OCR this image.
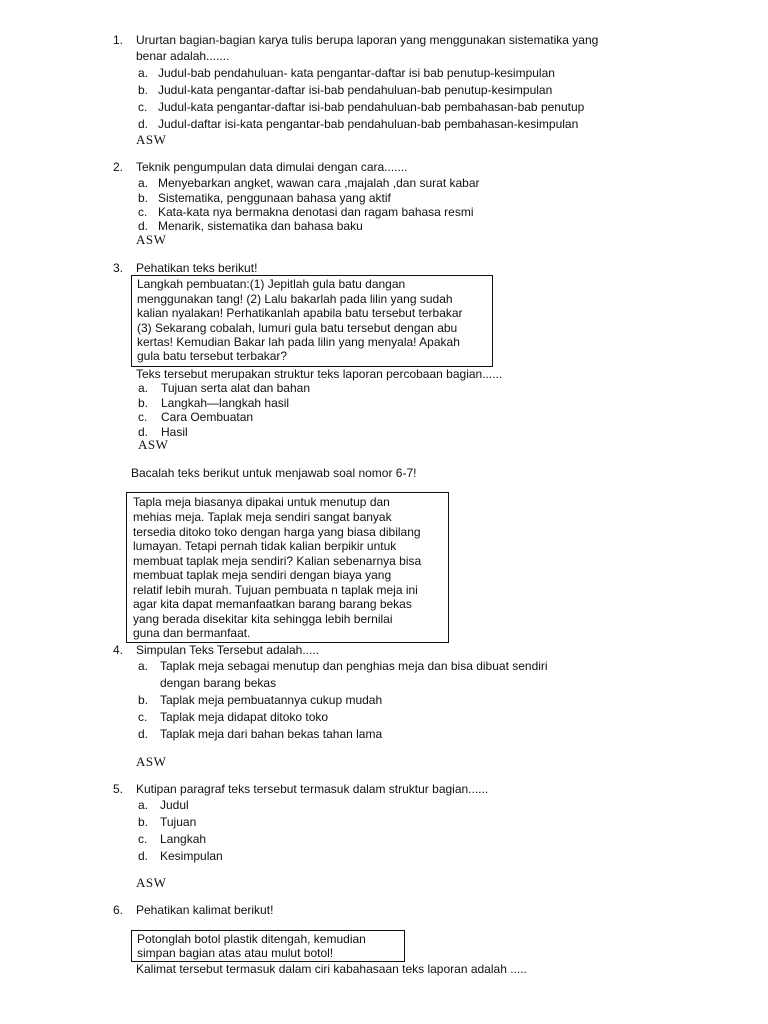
1. Ururtan bagian-bagian karya tulis berupa laporan yang menggunakan sistematika yang
benar adalah.......
a. Judul-bab pendahuluan- kata pengantar-daftar isi bab penutup-kesimpulan
b. Judul-kata pengantar-daftar isi-bab pendahuluan-bab penutup-kesimpulan
c. Judul-kata pengantar-daftar isi-bab pendahuluan-bab pembahasan-bab penutup
d. Judul-daftar isi-kata pengantar-bab pendahuluan-bab pembahasan-kesimpulan
ASW
2. Teknik pengumpulan data dimulai dengan cara.......
a. Menyebarkan angket, wawan cara ,majalah ,dan surat kabar
b. Sistematika, penggunaan bahasa yang aktif
c. Kata-kata nya bermakna denotasi dan ragam bahasa resmi
d. Menarik, sistematika dan bahasa baku
ASW
3. Pehatikan teks berikut!
Langkah pembuatan:(1) Jepitlah gula batu dangan
menggunakan tang! (2) Lalu bakarlah pada lilin yang sudah
kalian nyalakan! Perhatikanlah apabila batu tersebut terbakar
(3) Sekarang cobalah, lumuri gula batu tersebut dengan abu
kertas! Kemudian Bakar lah pada lilin yang menyala! Apakah
gula batu tersebut terbakar?
Teks tersebut merupakan struktur teks laporan percobaan bagian......
a. Tujuan serta alat dan bahan
b. Langkah—langkah hasil
c. Cara Oembuatan
d. Hasil
ASW
Bacalah teks berikut untuk menjawab soal nomor 6-7!
Tapla meja biasanya dipakai untuk menutup dan
mehias meja. Taplak meja sendiri sangat banyak
tersedia ditoko toko dengan harga yang biasa dibilang
lumayan. Tetapi pernah tidak kalian berpikir untuk
membuat taplak meja sendiri? Kalian sebenarnya bisa
membuat taplak meja sendiri dengan biaya yang
relatif lebih murah. Tujuan pembuata n taplak meja ini
agar kita dapat memanfaatkan barang barang bekas
yang berada disekitar kita sehingga lebih bernilai
guna dan bermanfaat.
4. Simpulan Teks Tersebut adalah.....
a. Taplak meja sebagai menutup dan penghias meja dan bisa dibuat sendiri
dengan barang bekas
b. Taplak meja pembuatannya cukup mudah
c. Taplak meja didapat ditoko toko
d. Taplak meja dari bahan bekas tahan lama
ASW
5. Kutipan paragraf teks tersebut termasuk dalam struktur bagian......
a. Judul
b. Tujuan
c. Langkah
d. Kesimpulan
ASW
6. Pehatikan kalimat berikut!
Potonglah botol plastik ditengah, kemudian
simpan bagian atas atau mulut botol!
Kalimat tersebut termasuk dalam ciri kabahasaan teks laporan adalah .....
